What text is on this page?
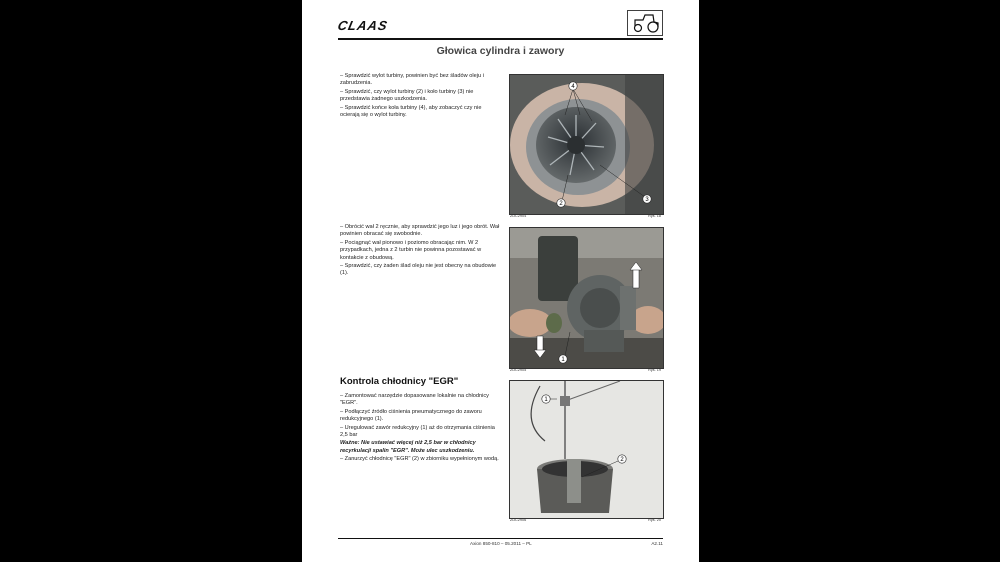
CLAAS
Głowica cylindra i zawory

– Sprawdzić wylot turbiny, powinien być bez śladów oleju i zabrudzenia.

– Sprawdzić, czy wylot turbiny (2) i koło turbiny (3) nie przedstawia żadnego uszkodzenia.

– Sprawdzić końce koła turbiny (4), aby zobaczyć czy nie ocierają się o wylot turbiny.

4
2
3
ZDC2904	Rys. 18

– Obrócić wał 2 ręcznie, aby sprawdzić jego luz i jego obrót. Wał powinien obracać się swobodnie.

– Pociągnąć wał pionowo i poziomo obracając nim. W 2 przypadkach, jedna z 2 turbin nie powinna pozostawać w kontakcie z obudową.

– Sprawdzić, czy żaden ślad oleju nie jest obecny na obudowie (1).

1
ZDC2905	Rys. 19
Kontrola chłodnicy "EGR"

– Zamontować narzędzie dopasowane lokalnie na chłodnicy "EGR".

– Podłączyć źródło ciśnienia pneumatycznego do zaworu redukcyjnego (1).

– Uregulować zawór redukcyjny (1) aż do otrzymania ciśnienia 2,5 bar

Ważne: Nie ustawiać więcej niż 2,5 bar w chłodnicy recyrkulacji spalin "EGR". Może ulec uszkodzeniu.

– Zanurzyć chłodnicę "EGR" (2) w zbiorniku wypełnionym wodą.

1
2
ZDC2906	Rys. 20
Axion 850-810 – 05.2011 – PL	A2.11
